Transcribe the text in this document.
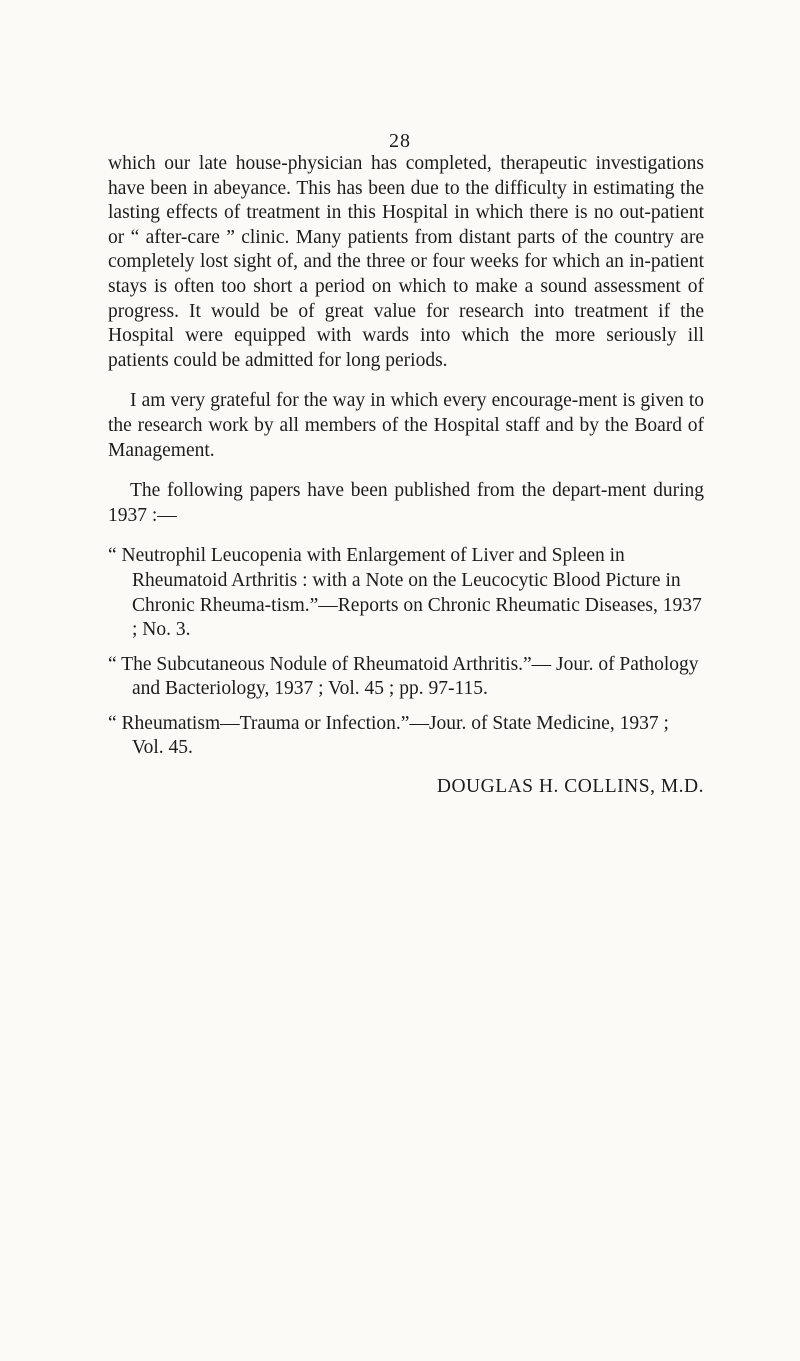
28

which our late house-physician has completed, therapeutic investigations have been in abeyance. This has been due to the difficulty in estimating the lasting effects of treatment in this Hospital in which there is no out-patient or “ after-care ” clinic. Many patients from distant parts of the country are completely lost sight of, and the three or four weeks for which an in-patient stays is often too short a period on which to make a sound assessment of progress. It would be of great value for research into treatment if the Hospital were equipped with wards into which the more seriously ill patients could be admitted for long periods.

I am very grateful for the way in which every encourage-ment is given to the research work by all members of the Hospital staff and by the Board of Management.

The following papers have been published from the depart-ment during 1937 :—

“ Neutrophil Leucopenia with Enlargement of Liver and Spleen in Rheumatoid Arthritis : with a Note on the Leucocytic Blood Picture in Chronic Rheuma-tism.”—Reports on Chronic Rheumatic Diseases, 1937 ; No. 3.

“ The Subcutaneous Nodule of Rheumatoid Arthritis.”— Jour. of Pathology and Bacteriology, 1937 ; Vol. 45 ; pp. 97-115.

“ Rheumatism—Trauma or Infection.”—Jour. of State Medicine, 1937 ; Vol. 45.

DOUGLAS H. COLLINS, M.D.
